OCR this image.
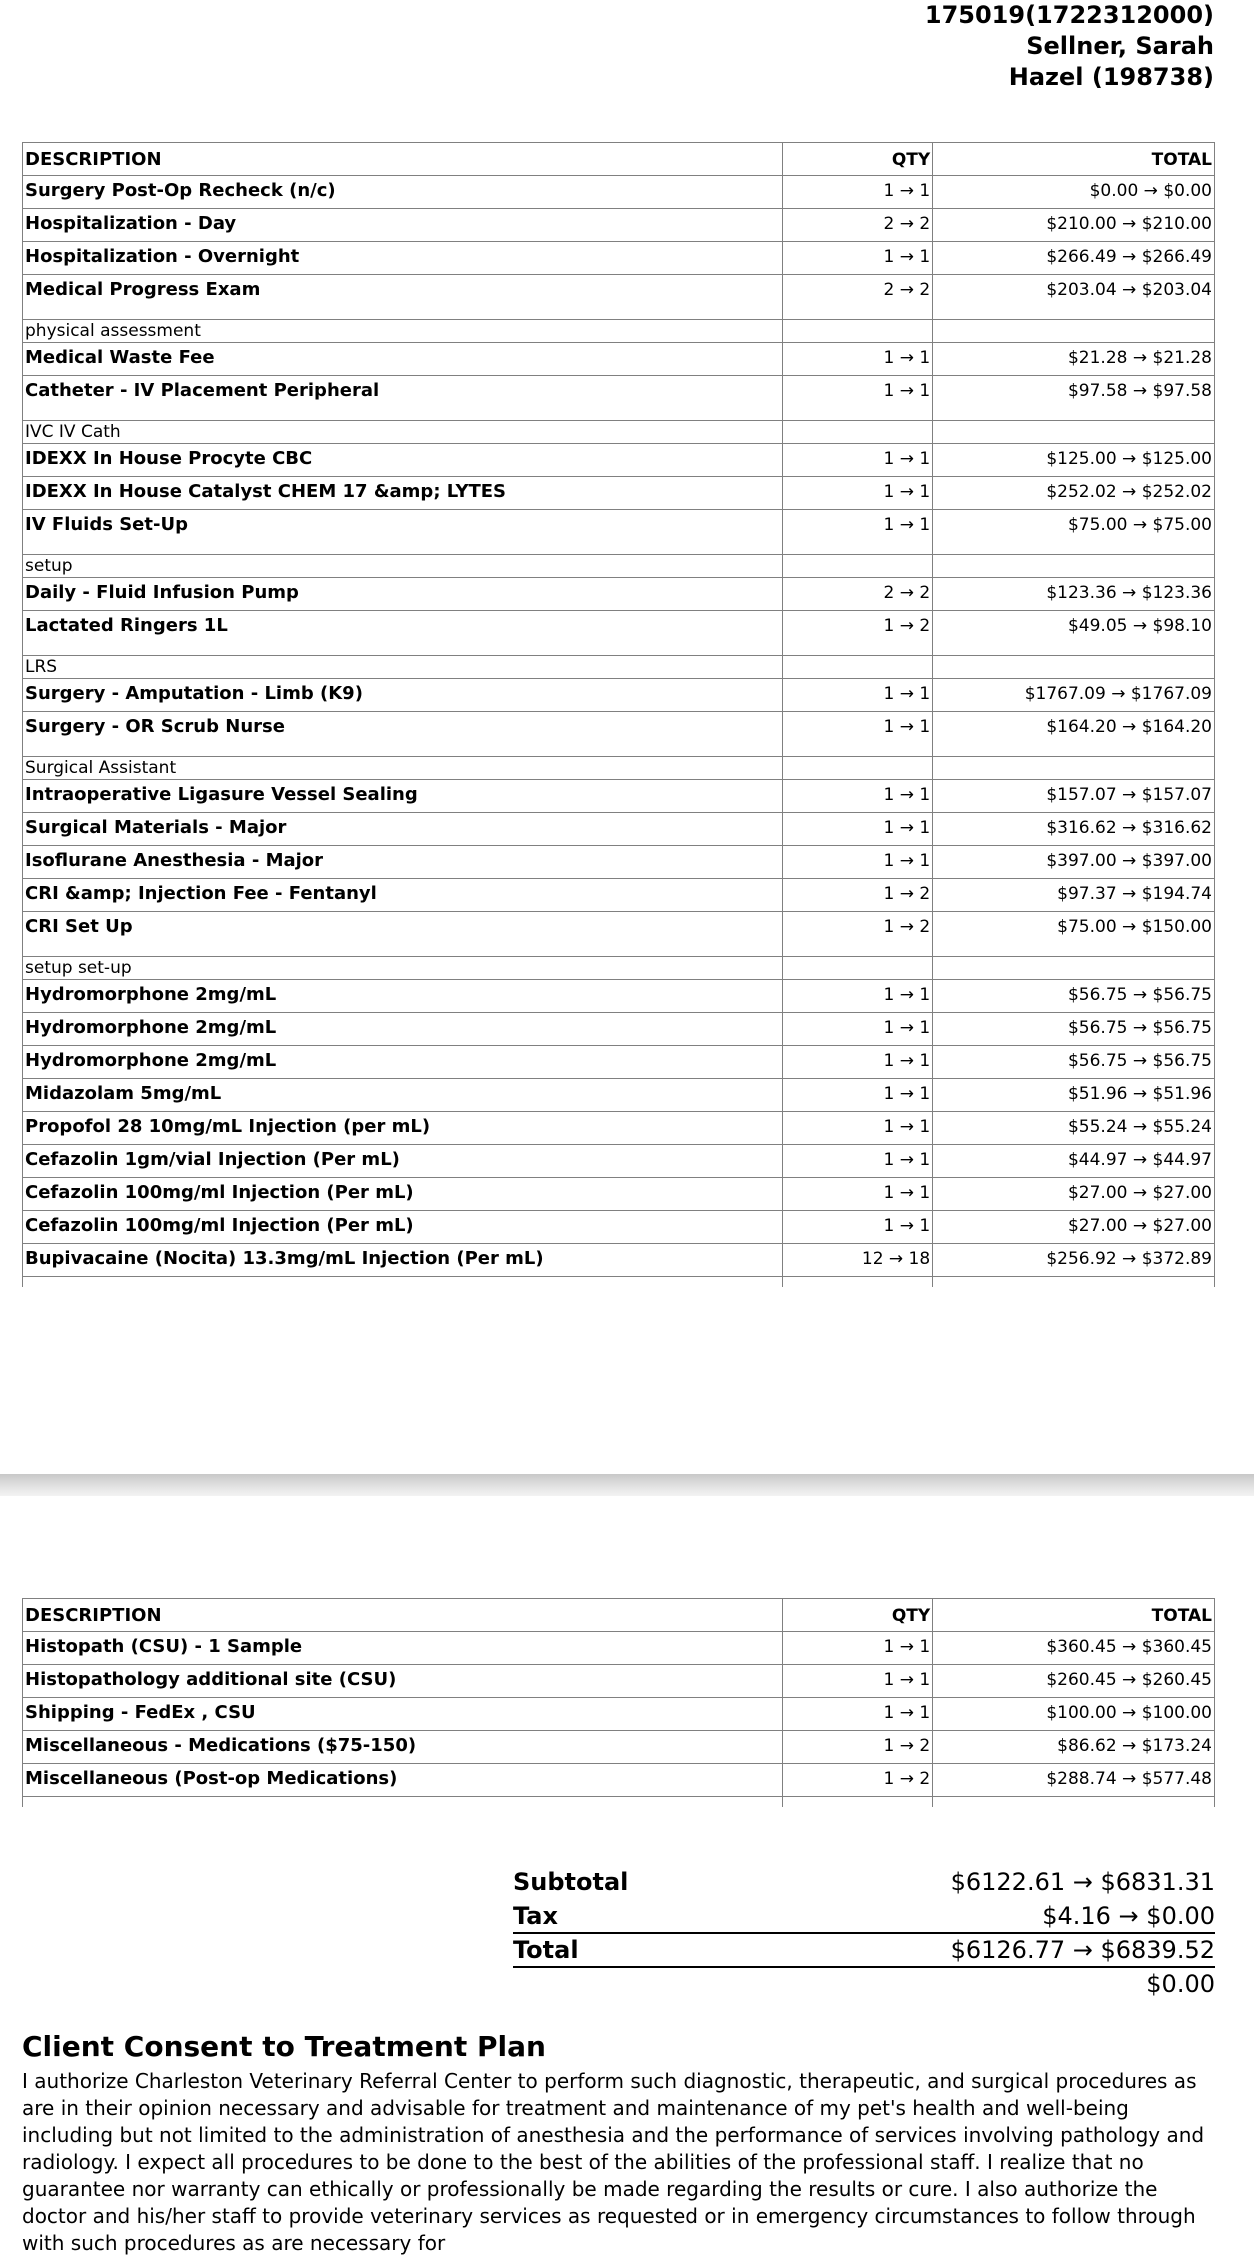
175019(1722312000)
Sellner, Sarah
Hazel (198738)
DESCRIPTION	QTY	TOTAL
Surgery Post-Op Recheck (n/c)	1 → 1	$0.00 → $0.00
Hospitalization - Day	2 → 2	$210.00 → $210.00
Hospitalization - Overnight	1 → 1	$266.49 → $266.49
Medical Progress Exam	2 → 2	$203.04 → $203.04
physical assessment		
Medical Waste Fee	1 → 1	$21.28 → $21.28
Catheter - IV Placement Peripheral	1 → 1	$97.58 → $97.58
IVC IV Cath		
IDEXX In House Procyte CBC	1 → 1	$125.00 → $125.00
IDEXX In House Catalyst CHEM 17 &amp; LYTES	1 → 1	$252.02 → $252.02
IV Fluids Set-Up	1 → 1	$75.00 → $75.00
setup		
Daily - Fluid Infusion Pump	2 → 2	$123.36 → $123.36
Lactated Ringers 1L	1 → 2	$49.05 → $98.10
LRS		
Surgery - Amputation - Limb (K9)	1 → 1	$1767.09 → $1767.09
Surgery - OR Scrub Nurse	1 → 1	$164.20 → $164.20
Surgical Assistant		
Intraoperative Ligasure Vessel Sealing	1 → 1	$157.07 → $157.07
Surgical Materials - Major	1 → 1	$316.62 → $316.62
Isoflurane Anesthesia - Major	1 → 1	$397.00 → $397.00
CRI &amp; Injection Fee - Fentanyl	1 → 2	$97.37 → $194.74
CRI Set Up	1 → 2	$75.00 → $150.00
setup set-up		
Hydromorphone 2mg/mL	1 → 1	$56.75 → $56.75
Hydromorphone 2mg/mL	1 → 1	$56.75 → $56.75
Hydromorphone 2mg/mL	1 → 1	$56.75 → $56.75
Midazolam 5mg/mL	1 → 1	$51.96 → $51.96
Propofol 28 10mg/mL Injection (per mL)	1 → 1	$55.24 → $55.24
Cefazolin 1gm/vial Injection (Per mL)	1 → 1	$44.97 → $44.97
Cefazolin 100mg/ml Injection (Per mL)	1 → 1	$27.00 → $27.00
Cefazolin 100mg/ml Injection (Per mL)	1 → 1	$27.00 → $27.00
Bupivacaine (Nocita) 13.3mg/mL Injection (Per mL)	12 → 18	$256.92 → $372.89

DESCRIPTION	QTY	TOTAL
Histopath (CSU) - 1 Sample	1 → 1	$360.45 → $360.45
Histopathology additional site (CSU)	1 → 1	$260.45 → $260.45
Shipping - FedEx , CSU	1 → 1	$100.00 → $100.00
Miscellaneous - Medications ($75-150)	1 → 2	$86.62 → $173.24
Miscellaneous (Post-op Medications)	1 → 2	$288.74 → $577.48

Subtotal	$6122.61 → $6831.31
Tax	$4.16 → $0.00
Total	$6126.77 → $6839.52
$0.00
Client Consent to Treatment Plan

I authorize Charleston Veterinary Referral Center to perform such diagnostic, therapeutic, and surgical procedures as are in their opinion necessary and advisable for treatment and maintenance of my pet's health and well-being including but not limited to the administration of anesthesia and the performance of services involving pathology and radiology. I expect all procedures to be done to the best of the abilities of the professional staff. I realize that no guarantee nor warranty can ethically or professionally be made regarding the results or cure. I also authorize the doctor and his/her staff to provide veterinary services as requested or in emergency circumstances to follow through with such procedures as are necessary for
